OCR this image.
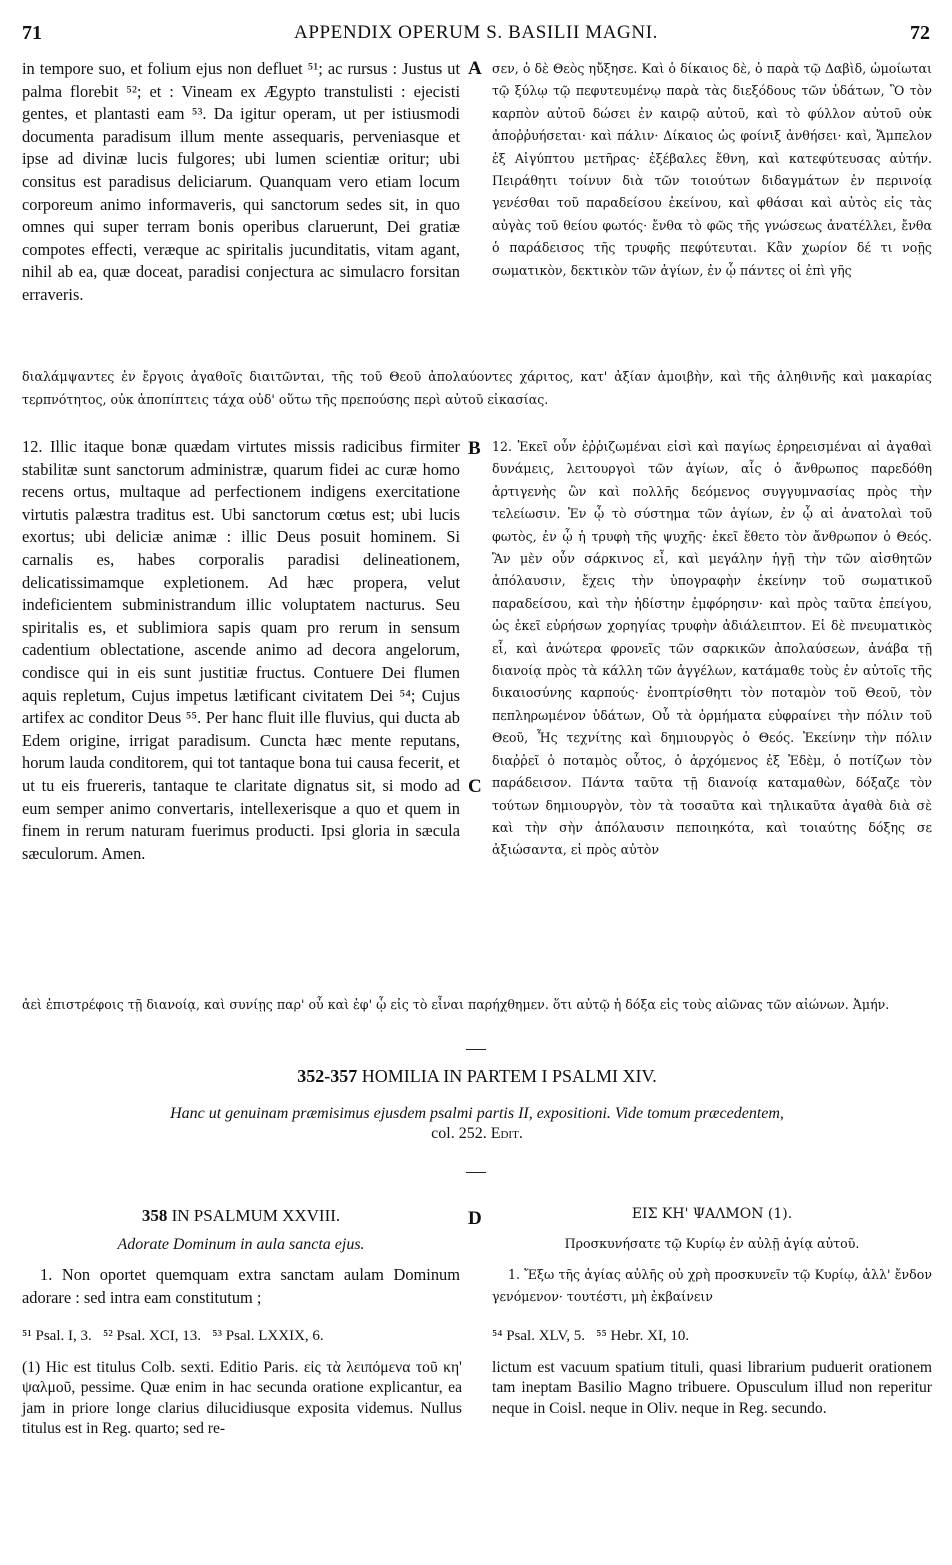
71	APPENDIX OPERUM S. BASILII MAGNI.	72

in tempore suo, et folium ejus non defluet ⁵¹; ac rursus : Justus ut palma florebit ⁵²; et : Vineam ex Ægypto transtulisti : ejecisti gentes, et plantasti eam ⁵³. Da igitur operam, ut per istiusmodi documenta paradisum illum mente assequaris, perveniasque et ipse ad divinæ lucis fulgores; ubi lumen scientiæ oritur; ubi consitus est paradisus deliciarum. Quanquam vero etiam locum corporeum animo informaveris, qui sanctorum sedes sit, in quo omnes qui super terram bonis operibus claruerunt, Dei gratiæ compotes effecti, veræque ac spiritalis jucunditatis, vitam agant, nihil ab ea, quæ doceat, paradisi conjectura ac simulacro forsitan erraveris.

A σεν, ὁ δὲ Θεὸς ηὔξησε. Καὶ ὁ δίκαιος δὲ, ὁ παρὰ τῷ Δαβὶδ, ὡμοίωται τῷ ξύλῳ τῷ πεφυτευμένῳ παρὰ τὰς διεξόδους τῶν ὑδάτων, Ὃ τὸν καρπὸν αὐτοῦ δώσει ἐν καιρῷ αὐτοῦ, καὶ τὸ φύλλον αὐτοῦ οὐκ ἀποῤῥυήσεται· καὶ πάλιν· Δίκαιος ὡς φοίνιξ ἀνθήσει· καὶ, Ἄμπελον ἐξ Αἰγύπτου μετῆρας· ἐξέβαλες ἔθνη, καὶ κατεφύτευσας αὐτήν. Πειράθητι τοίνυν διὰ τῶν τοιούτων διδαγμάτων ἐν περινοίᾳ γενέσθαι τοῦ παραδείσου ἐκείνου, καὶ φθάσαι καὶ αὐτὸς εἰς τὰς αὐγὰς τοῦ θείου φωτός· ἔνθα τὸ φῶς τῆς γνώσεως ἀνατέλλει, ἔνθα ὁ παράδεισος τῆς τρυφῆς πεφύτευται. Κἂν χωρίον δέ τι νοῇς σωματικὸν, δεκτικὸν τῶν ἁγίων, ἐν ᾧ πάντες οἱ ἐπὶ γῆς

διαλάμψαντες ἐν ἔργοις ἀγαθοῖς διαιτῶνται, τῆς τοῦ Θεοῦ ἀπολαύοντες χάριτος, κατ' ἀξίαν ἀμοιβὴν, καὶ τῆς ἀληθινῆς καὶ μακαρίας τερπνότητος, οὐκ ἀποπίπτεις τάχα οὐδ' οὕτω τῆς πρεπούσης περὶ αὐτοῦ εἰκασίας.

12. Illic itaque bonæ quædam virtutes missis radicibus firmiter stabilitæ sunt sanctorum administræ, quarum fidei ac curæ homo recens ortus, multaque ad perfectionem indigens exercitatione virtutis palæstra traditus est. Ubi sanctorum cœtus est; ubi lucis exortus; ubi deliciæ animæ : illic Deus posuit hominem. Si carnalis es, habes corporalis paradisi delineationem, delicatissimamque expletionem. Ad hæc propera, velut indeficientem subministrandum illic voluptatem nacturus. Seu spiritalis es, et sublimiora sapis quam pro rerum in sensum cadentium oblectatione, ascende animo ad decora angelorum, condisce qui in eis sunt justitiæ fructus. Contuere Dei flumen aquis repletum, Cujus impetus lætificant civitatem Dei ⁵⁴; Cujus artifex ac conditor Deus ⁵⁵. Per hanc fluit ille fluvius, qui ducta ab Edem origine, irrigat paradisum. Cuncta hæc mente reputans, horum lauda conditorem, qui tot tantaque bona tui causa fecerit, et ut tu eis fruereris, tantaque te claritate dignatus sit, si modo ad eum semper animo convertaris, intellexerisque a quo et quem in finem in rerum naturam fuerimus producti. Ipsi gloria in sæcula sæculorum. Amen.

B
C

12. Ἐκεῖ οὖν ἐῤῥιζωμέναι εἰσὶ καὶ παγίως ἐρηρεισμέναι αἱ ἀγαθαὶ δυνάμεις, λειτουργοὶ τῶν ἁγίων, αἷς ὁ ἄνθρωπος παρεδόθη ἀρτιγενὴς ὢν καὶ πολλῆς δεόμενος συγγυμνασίας πρὸς τὴν τελείωσιν. Ἐν ᾧ τὸ σύστημα τῶν ἁγίων, ἐν ᾧ αἱ ἀνατολαὶ τοῦ φωτὸς, ἐν ᾧ ἡ τρυφὴ τῆς ψυχῆς· ἐκεῖ ἔθετο τὸν ἄνθρωπον ὁ Θεός. Ἂν μὲν οὖν σάρκινος εἶ, καὶ μεγάλην ἡγῇ τὴν τῶν αἰσθητῶν ἀπόλαυσιν, ἔχεις τὴν ὑπογραφὴν ἐκείνην τοῦ σωματικοῦ παραδείσου, καὶ τὴν ἡδίστην ἐμφόρησιν· καὶ πρὸς ταῦτα ἐπείγου, ὡς ἐκεῖ εὑρήσων χορηγίας τρυφὴν ἀδιάλειπτον. Εἰ δὲ πνευματικὸς εἶ, καὶ ἀνώτερα φρονεῖς τῶν σαρκικῶν ἀπολαύσεων, ἀνάβα τῇ διανοίᾳ πρὸς τὰ κάλλη τῶν ἀγγέλων, κατάμαθε τοὺς ἐν αὐτοῖς τῆς δικαιοσύνης καρπούς· ἐνοπτρίσθητι τὸν ποταμὸν τοῦ Θεοῦ, τὸν πεπληρωμένον ὑδάτων, Οὗ τὰ ὁρμήματα εὐφραίνει τὴν πόλιν τοῦ Θεοῦ, Ἧς τεχνίτης καὶ δημιουργὸς ὁ Θεός. Ἐκείνην τὴν πόλιν διαῤῥεῖ ὁ ποταμὸς οὗτος, ὁ ἀρχόμενος ἐξ Ἐδὲμ, ὁ ποτίζων τὸν παράδεισον. Πάντα ταῦτα τῇ διανοίᾳ καταμαθὼν, δόξαζε τὸν τούτων δημιουργὸν, τὸν τὰ τοσαῦτα καὶ τηλικαῦτα ἀγαθὰ διὰ σὲ καὶ τὴν σὴν ἀπόλαυσιν πεποιηκότα, καὶ τοιαύτης δόξης σε ἀξιώσαντα, εἰ πρὸς αὐτὸν

ἀεὶ ἐπιστρέφοις τῇ διανοίᾳ, καὶ συνίῃς παρ' οὗ καὶ ἐφ' ᾧ εἰς τὸ εἶναι παρήχθημεν. ὅτι αὐτῷ ἡ δόξα εἰς τοὺς αἰῶνας τῶν αἰώνων. Ἀμήν.

352-357 HOMILIA IN PARTEM I PSALMI XIV.
Hanc ut genuinam præmisimus ejusdem psalmi partis II, expositioni. Vide tomum præcedentem,
col. 252. Edit.
358 IN PSALMUM XXVIII.
Adorate Dominum in aula sancta ejus.

1. Non oportet quemquam extra sanctam aulam Dominum adorare : sed intra eam constitutum ;

D	ΕΙΣ ΚΗ' ΨΑΛΜΟΝ (1).
Προσκυνήσατε τῷ Κυρίῳ ἐν αὐλῇ ἁγίᾳ αὐτοῦ.

1. Ἔξω τῆς ἁγίας αὐλῆς οὐ χρὴ προσκυνεῖν τῷ Κυρίῳ, ἀλλ' ἔνδον γενόμενον· τουτέστι, μὴ ἐκβαίνειν

⁵¹ Psal. I, 3.   ⁵² Psal. XCI, 13.   ⁵³ Psal. LXXIX, 6.	⁵⁴ Psal. XLV, 5.   ⁵⁵ Hebr. XI, 10.

(1) Hic est titulus Colb. sexti. Editio Paris. εἰς τὰ λειπόμενα τοῦ κη' ψαλμοῦ, pessime. Quæ enim in hac secunda oratione explicantur, ea jam in priore longe clarius dilucidiusque exposita videmus. Nullus titulus est in Reg. quarto; sed re-

lictum est vacuum spatium tituli, quasi librarium puduerit orationem tam ineptam Basilio Magno tribuere. Opusculum illud non reperitur neque in Coisl. neque in Oliv. neque in Reg. secundo.
